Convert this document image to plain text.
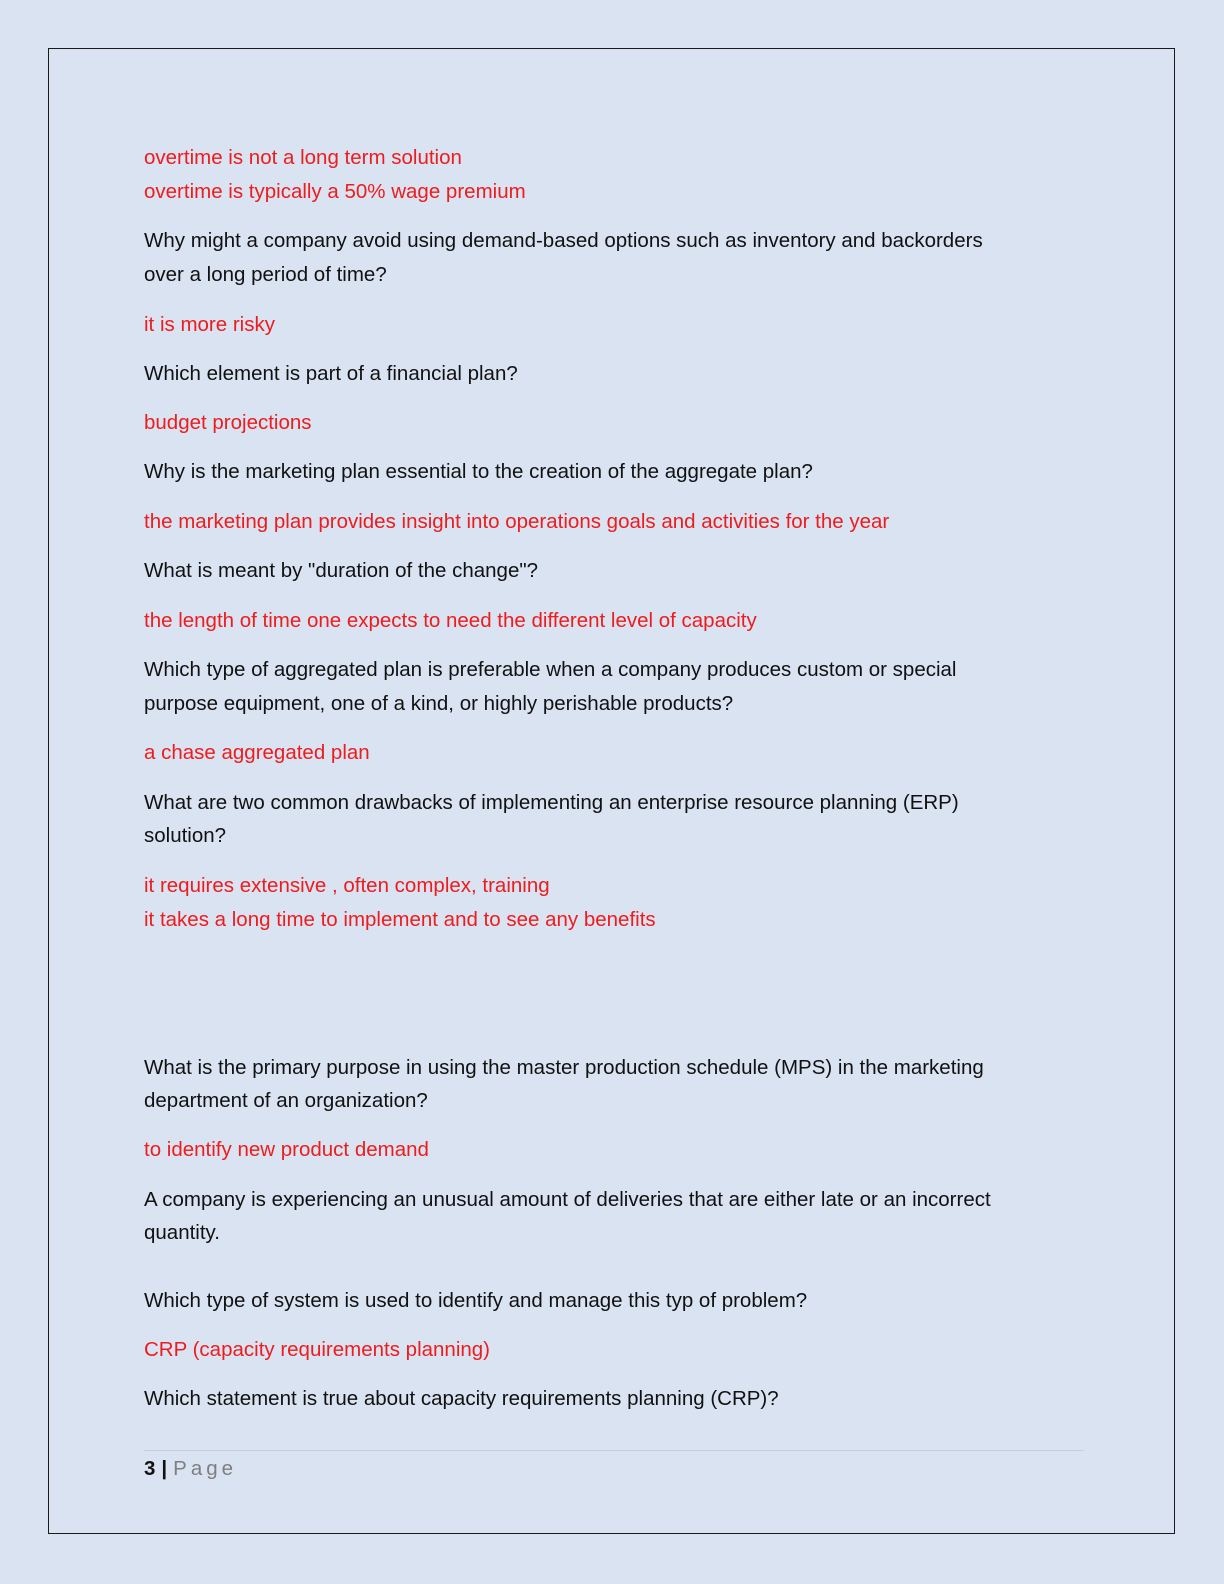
overtime is not a long term solution
overtime is typically a 50% wage premium
Why might a company avoid using demand-based options such as inventory and backorders
over a long period of time?
it is more risky
Which element is part of a financial plan?
budget projections
Why is the marketing plan essential to the creation of the aggregate plan?
the marketing plan provides insight into operations goals and activities for the year
What is meant by "duration of the change"?
the length of time one expects to need the different level of capacity
Which type of aggregated plan is preferable when a company produces custom or special
purpose equipment, one of a kind, or highly perishable products?
a chase aggregated plan
What are two common drawbacks of implementing an enterprise resource planning (ERP)
solution?
it requires extensive , often complex, training
it takes a long time to implement and to see any benefits
What is the primary purpose in using the master production schedule (MPS) in the marketing
department of an organization?
to identify new product demand
A company is experiencing an unusual amount of deliveries that are either late or an incorrect
quantity.
Which type of system is used to identify and manage this typ of problem?
CRP (capacity requirements planning)
Which statement is true about capacity requirements planning (CRP)?
3 | Page
